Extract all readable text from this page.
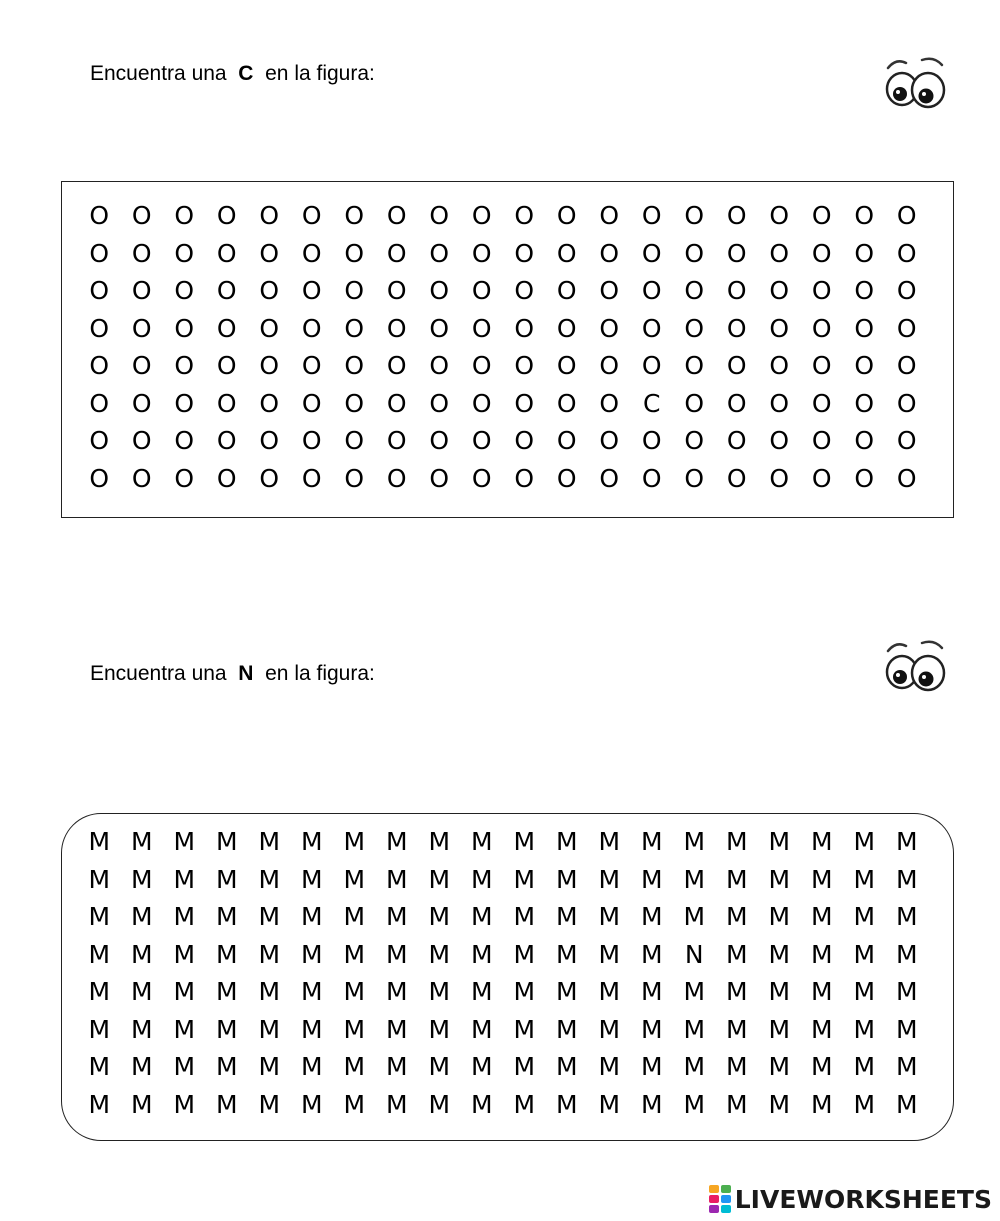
Encuentra una C en la figura:
O O O O O O O O O O O O O O O O O O O O
O O O O O O O O O O O O O O O O O O O O
O O O O O O O O O O O O O O O O O O O O
O O O O O O O O O O O O O O O O O O O O
O O O O O O O O O O O O O O O O O O O O
O O O O O O O O O O O O O C O O O O O O
O O O O O O O O O O O O O O O O O O O O
O O O O O O O O O O O O O O O O O O O O
Encuentra una N en la figura:
M M M M M M M M M M M M M M M M M M M M
M M M M M M M M M M M M M M M M M M M M
M M M M M M M M M M M M M M M M M M M M
M M M M M M M M M M M M M M N M M M M M
M M M M M M M M M M M M M M M M M M M M
M M M M M M M M M M M M M M M M M M M M
M M M M M M M M M M M M M M M M M M M M
M M M M M M M M M M M M M M M M M M M M
LIVEWORKSHEETS
